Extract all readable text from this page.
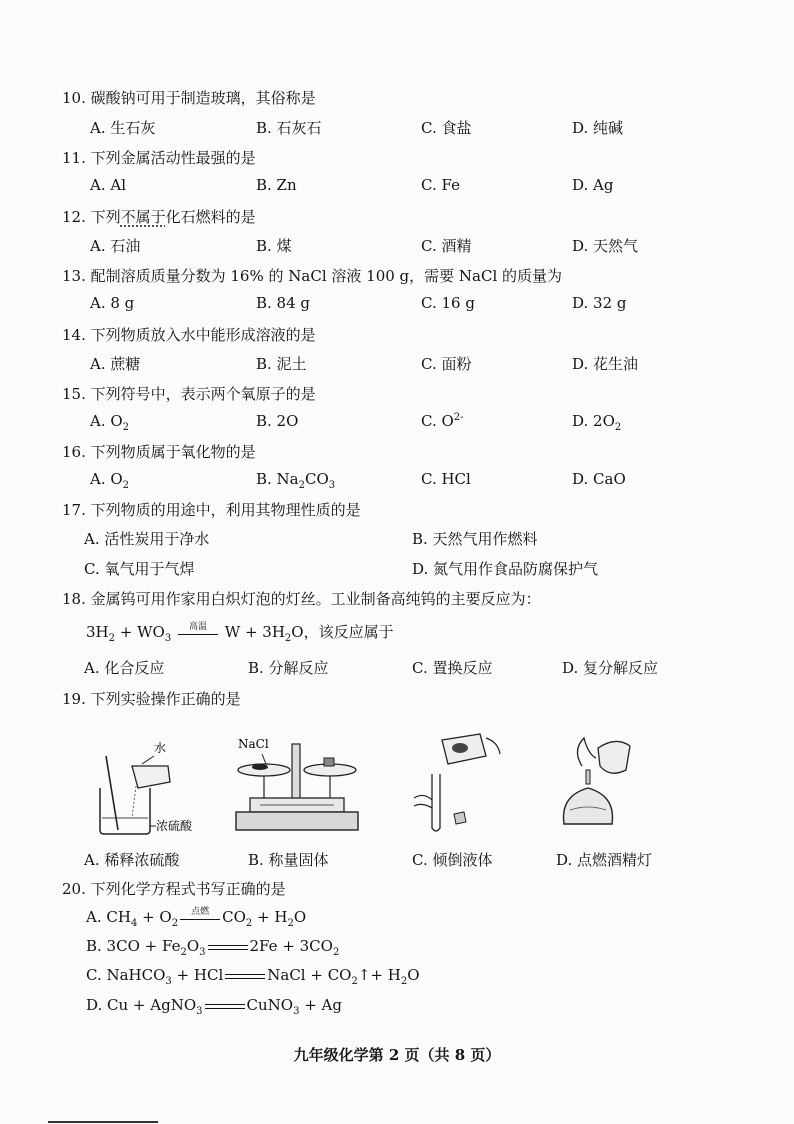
10. 碳酸钠可用于制造玻璃，其俗称是
A. 生石灰	B. 石灰石	C. 食盐	D. 纯碱
11. 下列金属活动性最强的是
A. Al	B. Zn	C. Fe	D. Ag
12. 下列不属于化石燃料的是
A. 石油	B. 煤	C. 酒精	D. 天然气
13. 配制溶质质量分数为 16% 的 NaCl 溶液 100 g，需要 NaCl 的质量为
A. 8 g	B. 84 g	C. 16 g	D. 32 g
14. 下列物质放入水中能形成溶液的是
A. 蔗糖	B. 泥土	C. 面粉	D. 花生油
15. 下列符号中，表示两个氧原子的是
A. $O_2$	B. 2O	C. $O^{2-}$	D. $2O_2$
16. 下列物质属于氧化物的是
A. $O_2$	B. $Na_2CO_3$	C. HCl	D. CaO
17. 下列物质的用途中，利用其物理性质的是
A. 活性炭用于净水	B. 天然气用作燃料
C. 氧气用于气焊	D. 氮气用作食品防腐保护气
18. 金属钨可用作家用白炽灯泡的灯丝。工业制备高纯钨的主要反应为：
$3H_2 + WO_3$
高温	$W + 3H_2O$，该反应属于
A. 化合反应	B. 分解反应	C. 置换反应	D. 复分解反应
19. 下列实验操作正确的是
水
浓硫酸
NaCl
A. 稀释浓硫酸	B. 称量固体	C. 倾倒液体	D. 点燃酒精灯
20. 下列化学方程式书写正确的是
A. $CH_4 + O_2$
点燃 $CO_2 + H_2O$
B. $3CO + Fe_2O_3$	$2Fe + 3CO_2$
C. NaHCO$_3$ + HCl	NaCl + $CO_2↑+ H_2O$
D. Cu + AgNO$_3$	CuNO$_3$ + Ag
九年级化学第 2 页（共 8 页）
